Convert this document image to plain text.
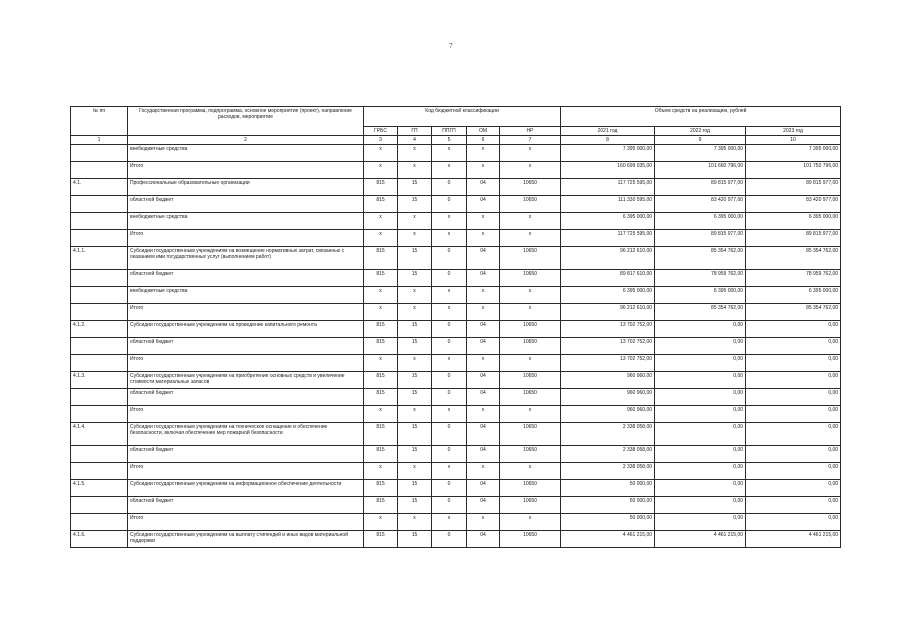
7
№ пп	Государственная программа, подпрограмма, основное мероприятие (проект), направление расходов, мероприятие	Код бюджетной классификации					Объем средств на реализацию, рублей		
		ГРБС	ГП	ППГП	ОМ	НР	2021 год	2022 год	2023 год
1	2	3	4	5	6	7	8	9	10
	внебюджетные средства	x	x	x	x	x	7 395 000,00	7 395 000,00	7 395 000,00
	Итого	x	x	x	x	x	160 699 035,00	101 660 796,00	101 750 796,00
4.1.	Профессиональные образовательные организации	815	15	0	04	10650	117 725 595,00	89 815 977,00	89 815 977,00
	областной бюджет	815	15	0	04	10650	111 330 595,00	83 420 977,00	83 420 977,00
	внебюджетные средства	x	x	x	x	x	6 395 000,00	6 395 000,00	6 395 000,00
	Итого	x	x	x	x	x	117 725 595,00	89 815 977,00	89 815 977,00
4.1.1.	Субсидии государственным учреждениям на возмещение нормативных затрат, связанных с оказанием ими государственных услуг (выполнением работ)	815	15	0	04	10650	96 212 610,00	85 354 762,00	85 354 762,00
	областной бюджет	815	15	0	04	10650	89 817 610,00	78 959 762,00	78 959 762,00
	внебюджетные средства	x	x	x	x	x	6 395 000,00	6 395 000,00	6 395 000,00
	Итого	x	x	x	x	x	96 212 610,00	85 354 762,00	85 354 762,00
4.1.2.	Субсидии государственным учреждениям на проведение капитального ремонта	815	15	0	04	10650	13 702 752,00	0,00	0,00
	областной бюджет	815	15	0	04	10650	13 702 752,00	0,00	0,00
	Итого	x	x	x	x	x	13 702 752,00	0,00	0,00
4.1.3.	Субсидии государственным учреждениям на приобретение основных средств и увеличение стоимости материальных запасов	815	15	0	04	10650	960 960,00	0,00	0,00
	областной бюджет	815	15	0	04	10650	960 960,00	0,00	0,00
	Итого	x	x	x	x	x	960 960,00	0,00	0,00
4.1.4.	Субсидии государственным учреждениям на техническое оснащение и обеспечение безопасности, включая обеспечение мер пожарной безопасности	815	15	0	04	10650	2 338 058,00	0,00	0,00
	областной бюджет	815	15	0	04	10650	2 338 058,00	0,00	0,00
	Итого	x	x	x	x	x	2 338 058,00	0,00	0,00
4.1.5.	Субсидии государственным учреждениям на информационное обеспечение деятельности	815	15	0	04	10650	50 000,00	0,00	0,00
	областной бюджет	815	15	0	04	10650	50 000,00	0,00	0,00
	Итого	x	x	x	x	x	50 000,00	0,00	0,00
4.1.6.	Субсидии государственным учреждениям на выплату стипендий и иных видов материальной поддержки	815	15	0	04	10650	4 461 215,00	4 461 215,00	4 461 215,00
